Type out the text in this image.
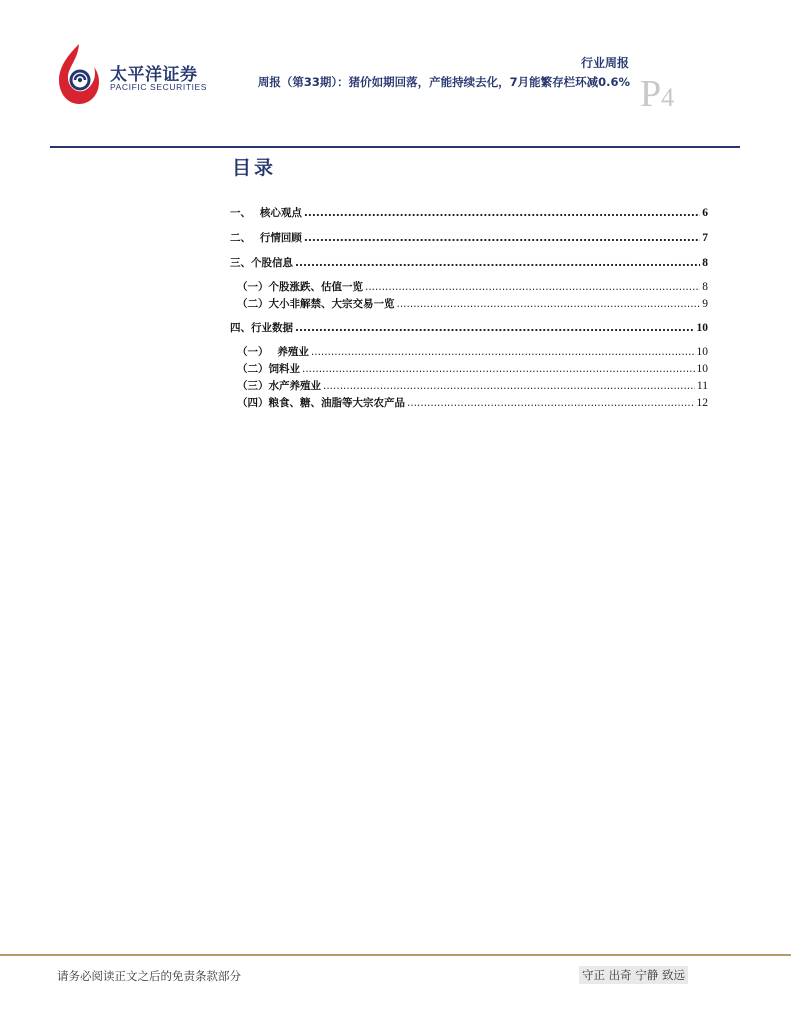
太平洋证券
PACIFIC SECURITIES
行业周报
周报（第33期）：猪价如期回落，产能持续去化，7月能繁存栏环减0.6% P4
目录
一、　 核心观点 .....	6
二、　 行情回顾 .....	7
三、个股信息 .....	8
（一）个股涨跌、估值一览 .....	8
（二）大小非解禁、大宗交易一览 .....	9
四、行业数据 .....	10
（一）　 养殖业 .....	10
（二）饲料业 .....	10
（三）水产养殖业 .....	11
（四）粮食、糖、油脂等大宗农产品 .....	12
请务必阅读正文之后的免责条款部分	守正 出奇 宁静 致远
